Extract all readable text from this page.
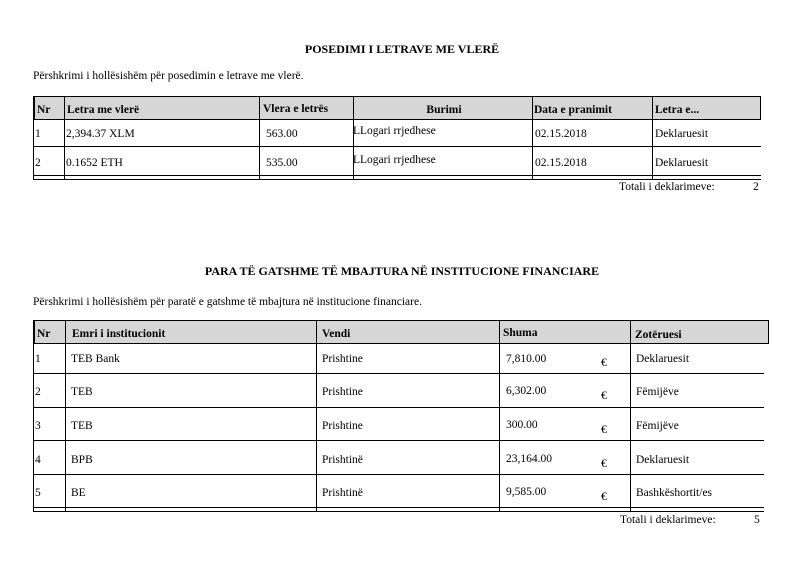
POSEDIMI I LETRAVE ME VLERË
Përshkrimi i hollësishëm për posedimin e letrave me vlerë.
Nr Letra me vlerë	Vlera e letrës	Burimi	Data e pranimit	Letra e...
1 2,394.37 XLM	563.00	LLogari rrjedhese	02.15.2018	Deklaruesit
2 0.1652 ETH	535.00	LLogari rrjedhese	02.15.2018	Deklaruesit
Totali i deklarimeve:	2
PARA TË GATSHME TË MBAJTURA NË INSTITUCIONE FINANCIARE
Përshkrimi i hollësishëm për paratë e gatshme të mbajtura në institucione financiare.
Nr Emri i institucionit	Vendi	Shuma	Zotëruesi
1	TEB Bank	Prishtine	7,810.00	€	Deklaruesit
2	TEB	Prishtine	6,302.00	€	Fëmijëve
3	TEB	Prishtine	300.00	€	Fëmijëve
4	BPB	Prishtinë	23,164.00	€	Deklaruesit
5	BE	Prishtinë	9,585.00	€	Bashkëshortit/es
Totali i deklarimeve:	5
